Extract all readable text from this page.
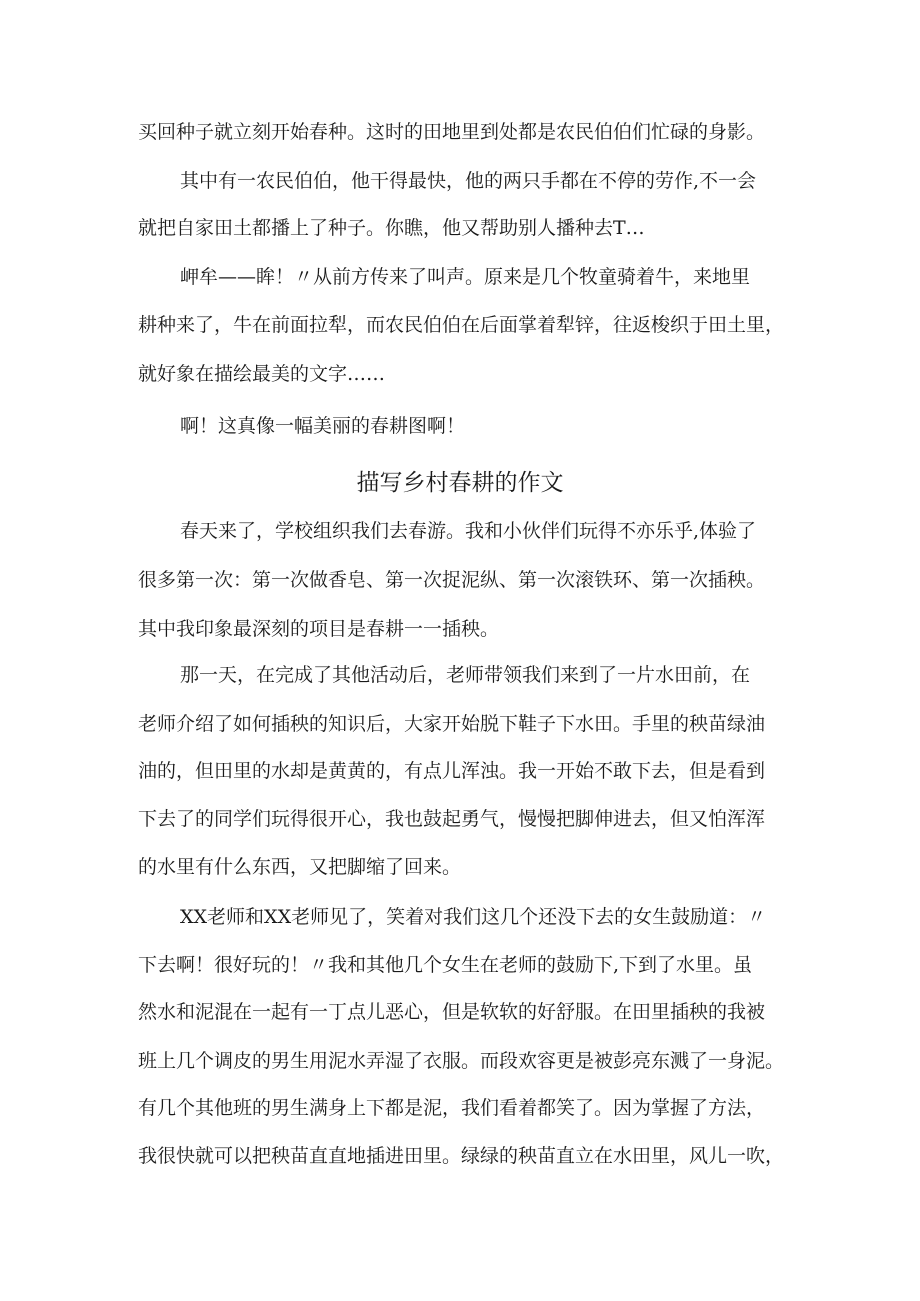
买回种子就立刻开始春种。这时的田地里到处都是农民伯伯们忙碌的身影。
其中有一农民伯伯，他干得最快，他的两只手都在不停的劳作,不一会
就把自家田土都播上了种子。你瞧，他又帮助别人播种去T…
岬牟——眸！〃从前方传来了叫声。原来是几个牧童骑着牛，来地里
耕种来了，牛在前面拉犁，而农民伯伯在后面掌着犁锌，往返梭织于田土里，
就好象在描绘最美的文字……
啊！这真像一幅美丽的春耕图啊！
描写乡村春耕的作文
春天来了，学校组织我们去春游。我和小伙伴们玩得不亦乐乎,体验了
很多第一次：第一次做香皂、第一次捉泥纵、第一次滚铁环、第一次插秧。
其中我印象最深刻的项目是春耕一一插秧。
那一天，在完成了其他活动后，老师带领我们来到了一片水田前，在
老师介绍了如何插秧的知识后，大家开始脱下鞋子下水田。手里的秧苗绿油
油的，但田里的水却是黄黄的，有点儿浑浊。我一开始不敢下去，但是看到
下去了的同学们玩得很开心，我也鼓起勇气，慢慢把脚伸进去，但又怕浑浑
的水里有什么东西，又把脚缩了回来。
XX老师和XX老师见了，笑着对我们这几个还没下去的女生鼓励道：〃
下去啊！很好玩的！〃我和其他几个女生在老师的鼓励下,下到了水里。虽
然水和泥混在一起有一丁点儿恶心，但是软软的好舒服。在田里插秧的我被
班上几个调皮的男生用泥水弄湿了衣服。而段欢容更是被彭亮东溅了一身泥。
有几个其他班的男生满身上下都是泥，我们看着都笑了。因为掌握了方法，
我很快就可以把秧苗直直地插进田里。绿绿的秧苗直立在水田里，风儿一吹，
